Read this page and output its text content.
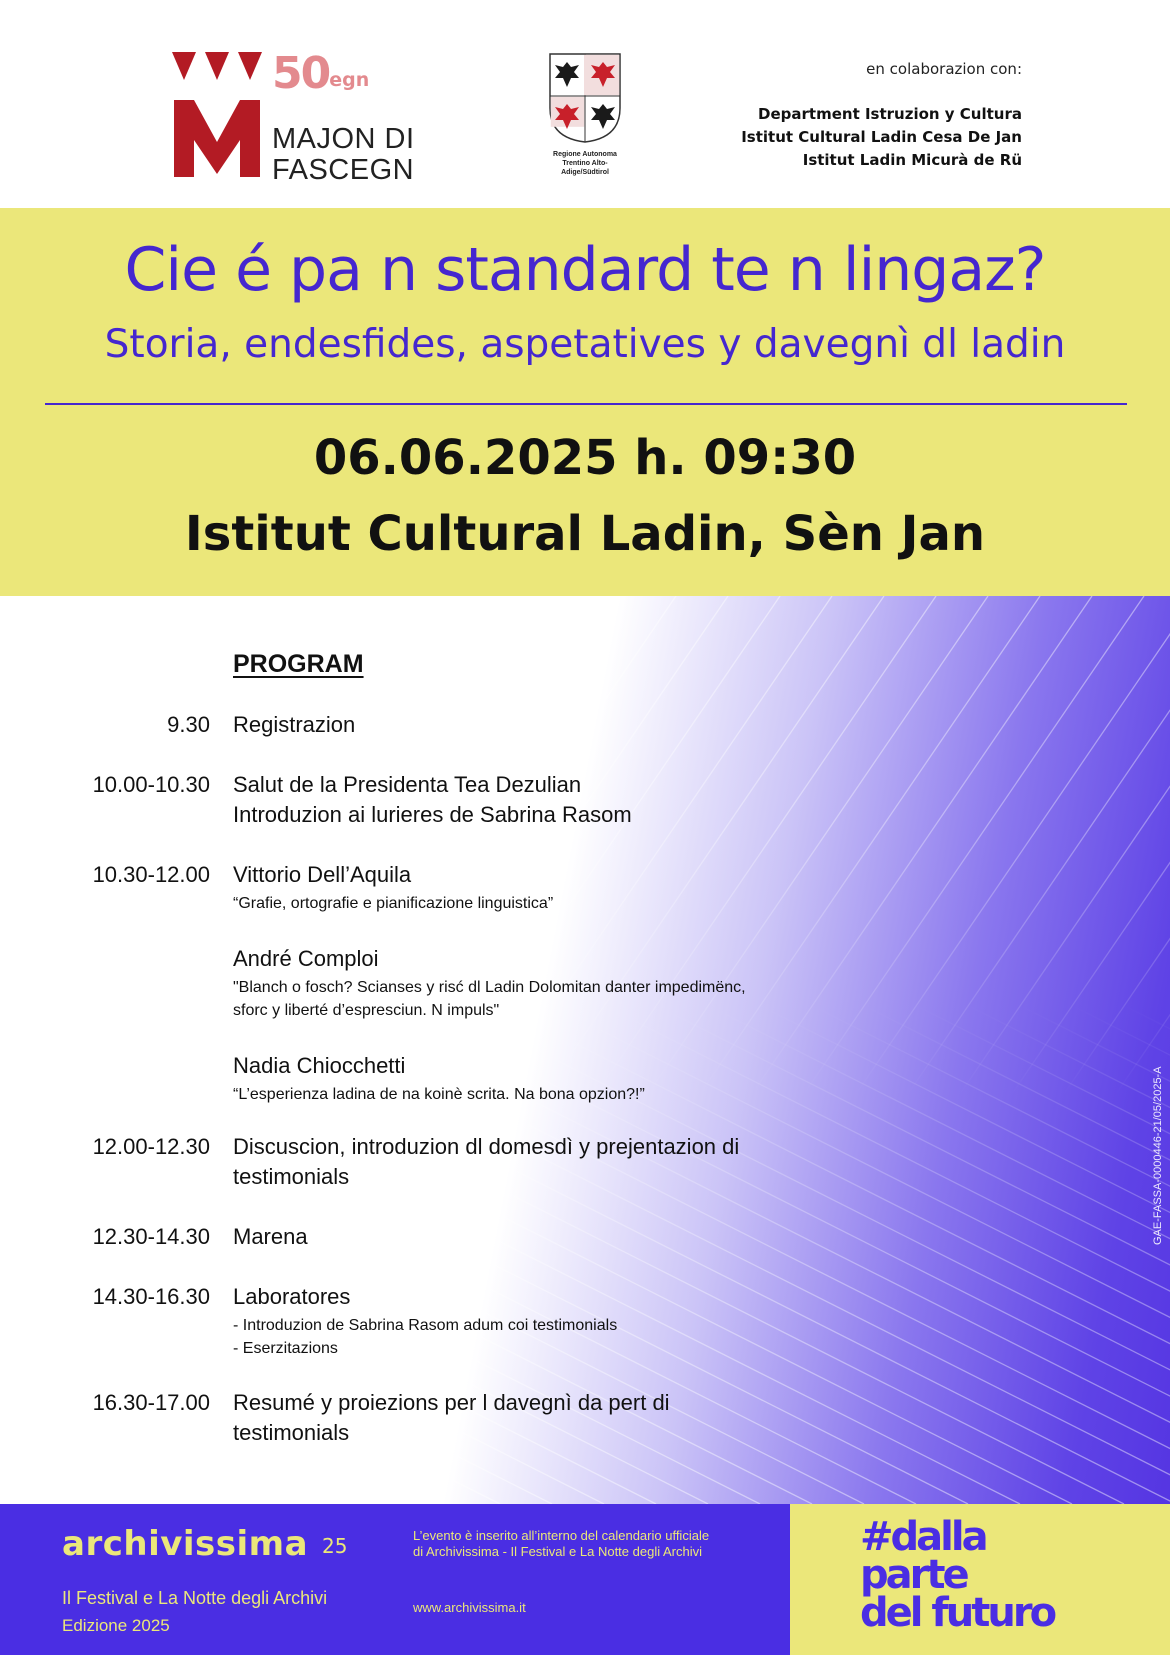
$50_{egn}$
MAJON DI
FASCEGN	Regione Autonoma
Trentino Alto-
Adige/Südtirol
en colaborazion con:
Department Istruzion y Cultura
Istitut Cultural Ladin Cesa De Jan
Istitut Ladin Micurà de Rü
Cie é pa n standard te n lingaz?
Storia, endesfides, aspetatives y davegnì dl ladin
06.06.2025 h. 09:30
Istitut Cultural Ladin, Sèn Jan
PROGRAM
9.30 Registrazion
10.00-10.30 Salut de la Presidenta Tea Dezulian
Introduzion ai lurieres de Sabrina Rasom
10.30-12.00 Vittorio Dell’Aquila
“Grafie, ortografie e pianificazione linguistica”
André Comploi
"Blanch o fosch? Scianses y risć dl Ladin Dolomitan danter impedimënc,
sforc y liberté d’espresciun. N impuls"
Nadia Chiocchetti
“L’esperienza ladina de na koinè scrita. Na bona opzion?!”
12.00-12.30 Discuscion, introduzion dl domesdì y prejentazion di
testimonials
12.30-14.30 Marena
14.30-16.30 Laboratores
- Introduzion de Sabrina Rasom adum coi testimonials
- Eserzitazions
16.30-17.00 Resumé y proiezions per l davegnì da pert di
testimonials
GAE-FASSA-0000446-21/05/2025-A
archivissima 25
Il Festival e La Notte degli Archivi
Edizione 2025
L’evento è inserito all’interno del calendario ufficiale
di Archivissima - Il Festival e La Notte degli Archivi
www.archivissima.it
#dalla
parte
del futuro
